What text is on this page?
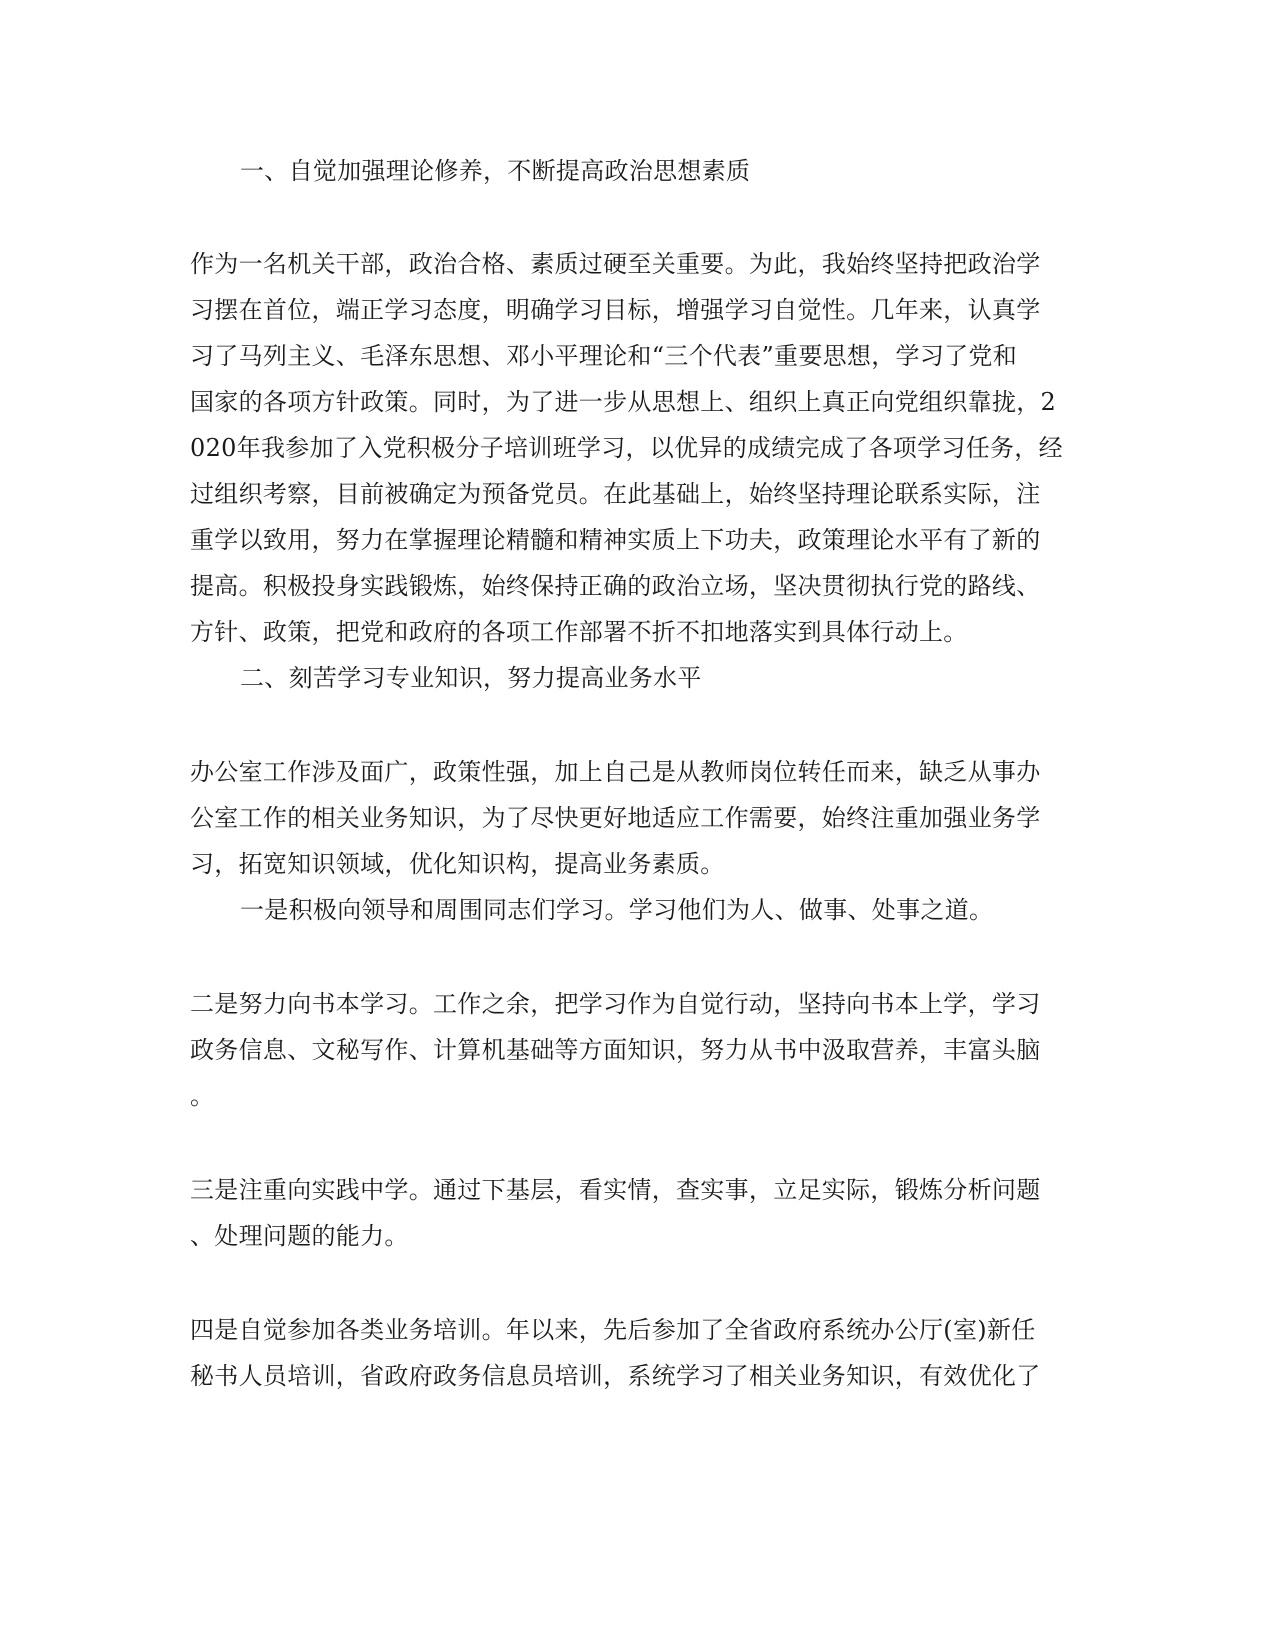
一、自觉加强理论修养，不断提高政治思想素质
作为一名机关干部，政治合格、素质过硬至关重要。为此，我始终坚持把政治学
习摆在首位，端正学习态度，明确学习目标，增强学习自觉性。几年来，认真学
习了马列主义、毛泽东思想、邓小平理论和“三个代表”重要思想，学习了党和
国家的各项方针政策。同时，为了进一步从思想上、组织上真正向党组织靠拢，2
020年我参加了入党积极分子培训班学习，以优异的成绩完成了各项学习任务，经
过组织考察，目前被确定为预备党员。在此基础上，始终坚持理论联系实际，注
重学以致用，努力在掌握理论精髓和精神实质上下功夫，政策理论水平有了新的
提高。积极投身实践锻炼，始终保持正确的政治立场，坚决贯彻执行党的路线、
方针、政策，把党和政府的各项工作部署不折不扣地落实到具体行动上。
二、刻苦学习专业知识，努力提高业务水平
办公室工作涉及面广，政策性强，加上自己是从教师岗位转任而来，缺乏从事办
公室工作的相关业务知识，为了尽快更好地适应工作需要，始终注重加强业务学
习，拓宽知识领域，优化知识构，提高业务素质。
一是积极向领导和周围同志们学习。学习他们为人、做事、处事之道。
二是努力向书本学习。工作之余，把学习作为自觉行动，坚持向书本上学，学习
政务信息、文秘写作、计算机基础等方面知识，努力从书中汲取营养，丰富头脑
。
三是注重向实践中学。通过下基层，看实情，查实事，立足实际，锻炼分析问题
、处理问题的能力。
四是自觉参加各类业务培训。年以来，先后参加了全省政府系统办公厅(室)新任
秘书人员培训，省政府政务信息员培训，系统学习了相关业务知识，有效优化了
